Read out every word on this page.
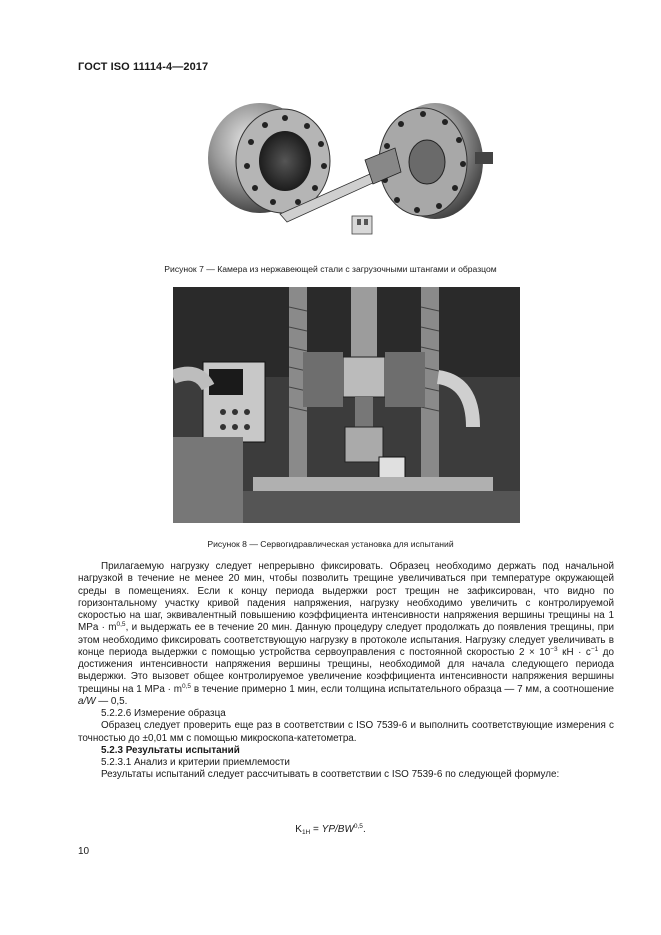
ГОСТ ISO 11114-4—2017
Рисунок 7 — Камера из нержавеющей стали с загрузочными штангами и образцом
Рисунок 8 — Сервогидравлическая установка для испытаний

Прилагаемую нагрузку следует непрерывно фиксировать. Образец необходимо держать под начальной нагрузкой в течение не менее 20 мин, чтобы позволить трещине увеличиваться при температуре окружающей среды в помещениях. Если к концу периода выдержки рост трещин не зафиксирован, что видно по горизонтальному участку кривой падения напряжения, нагрузку необходимо увеличить с контролируемой скоростью на шаг, эквивалентный повышению коэффициента интенсивности напряжения вершины трещины на 1 MPa · $m^{0,5}$, и выдержать ее в течение 20 мин. Данную процедуру следует продолжать до появления трещины, при этом необходимо фиксировать соответствующую нагрузку в протоколе испытания. Нагрузку следует увеличивать в конце периода выдержки с помощью устройства сервоуправления с постоянной скоростью $2 \times 10^{-3}$ кН · $с^{-1}$ до достижения интенсивности напряжения вершины трещины, необходимой для начала следующего периода выдержки. Это вызовет общее контролируемое увеличение коэффициента интенсивности напряжения вершины трещины на 1 MPa · $m^{0,5}$ в течение примерно 1 мин, если толщина испытательного образца — 7 мм, а соотношение a/W — 0,5.

5.2.2.6 Измерение образца

Образец следует проверить еще раз в соответствии с ISO 7539-6 и выполнить соответствующие измерения с точностью до ±0,01 мм с помощью микроскопа-катетометра.

5.2.3 Результаты испытаний

5.2.3.1 Анализ и критерии приемлемости

Результаты испытаний следует рассчитывать в соответствии с ISO 7539-6 по следующей формуле:

$K_{1H} = YP/BW^{0,5}$.
10
